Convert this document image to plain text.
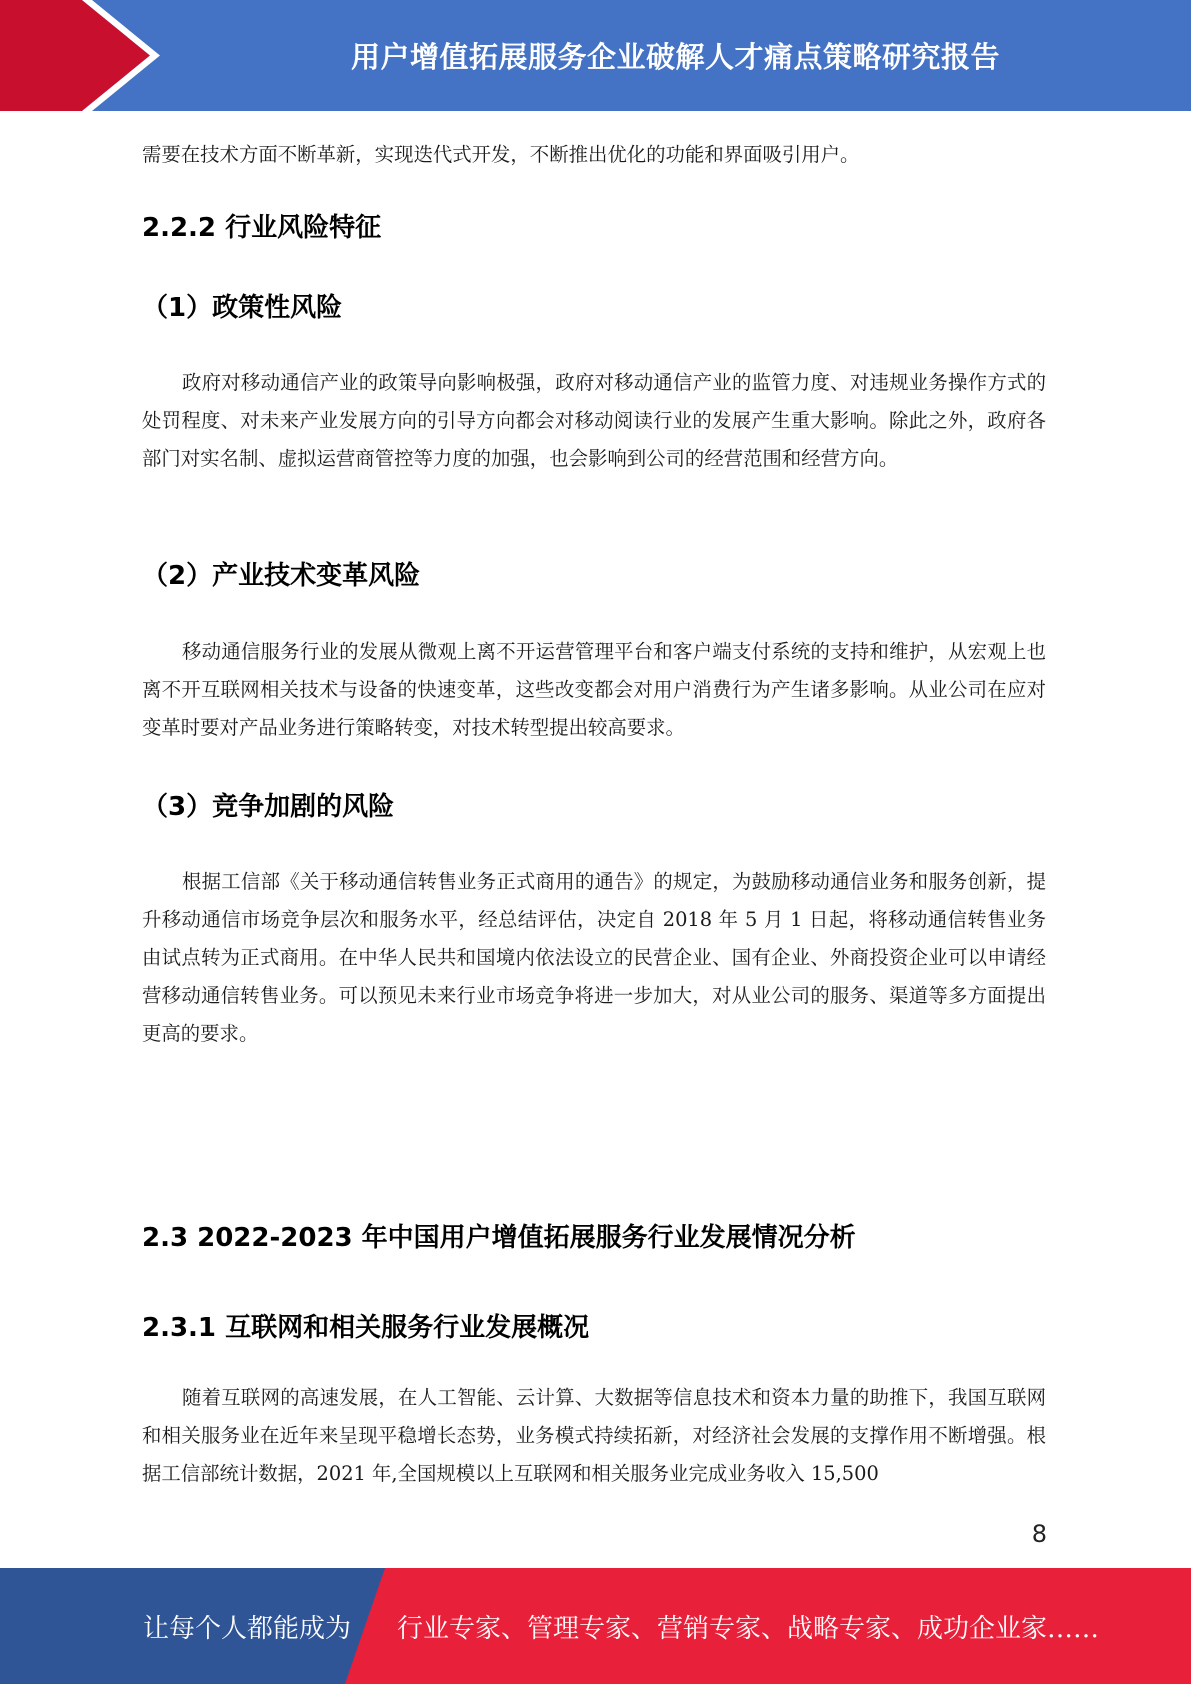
用户增值拓展服务企业破解人才痛点策略研究报告
需要在技术方面不断革新，实现迭代式开发，不断推出优化的功能和界面吸引用户。
2.2.2 行业风险特征
（1）政策性风险
政府对移动通信产业的政策导向影响极强，政府对移动通信产业的监管力度、对违规业务操作方式的处罚程度、对未来产业发展方向的引导方向都会对移动阅读行业的发展产生重大影响。除此之外，政府各部门对实名制、虚拟运营商管控等力度的加强，也会影响到公司的经营范围和经营方向。
（2）产业技术变革风险
移动通信服务行业的发展从微观上离不开运营管理平台和客户端支付系统的支持和维护，从宏观上也离不开互联网相关技术与设备的快速变革，这些改变都会对用户消费行为产生诸多影响。从业公司在应对变革时要对产品业务进行策略转变，对技术转型提出较高要求。
（3）竞争加剧的风险
根据工信部《关于移动通信转售业务正式商用的通告》的规定，为鼓励移动通信业务和服务创新，提升移动通信市场竞争层次和服务水平，经总结评估，决定自 2018 年 5 月 1 日起，将移动通信转售业务由试点转为正式商用。在中华人民共和国境内依法设立的民营企业、国有企业、外商投资企业可以申请经营移动通信转售业务。可以预见未来行业市场竞争将进一步加大，对从业公司的服务、渠道等多方面提出更高的要求。
2.3 2022-2023 年中国用户增值拓展服务行业发展情况分析
2.3.1 互联网和相关服务行业发展概况
随着互联网的高速发展，在人工智能、云计算、大数据等信息技术和资本力量的助推下，我国互联网和相关服务业在近年来呈现平稳增长态势，业务模式持续拓新，对经济社会发展的支撑作用不断增强。根据工信部统计数据，2021 年,全国规模以上互联网和相关服务业完成业务收入 15,500
8
让每个人都能成为 行业专家、管理专家、营销专家、战略专家、成功企业家……
